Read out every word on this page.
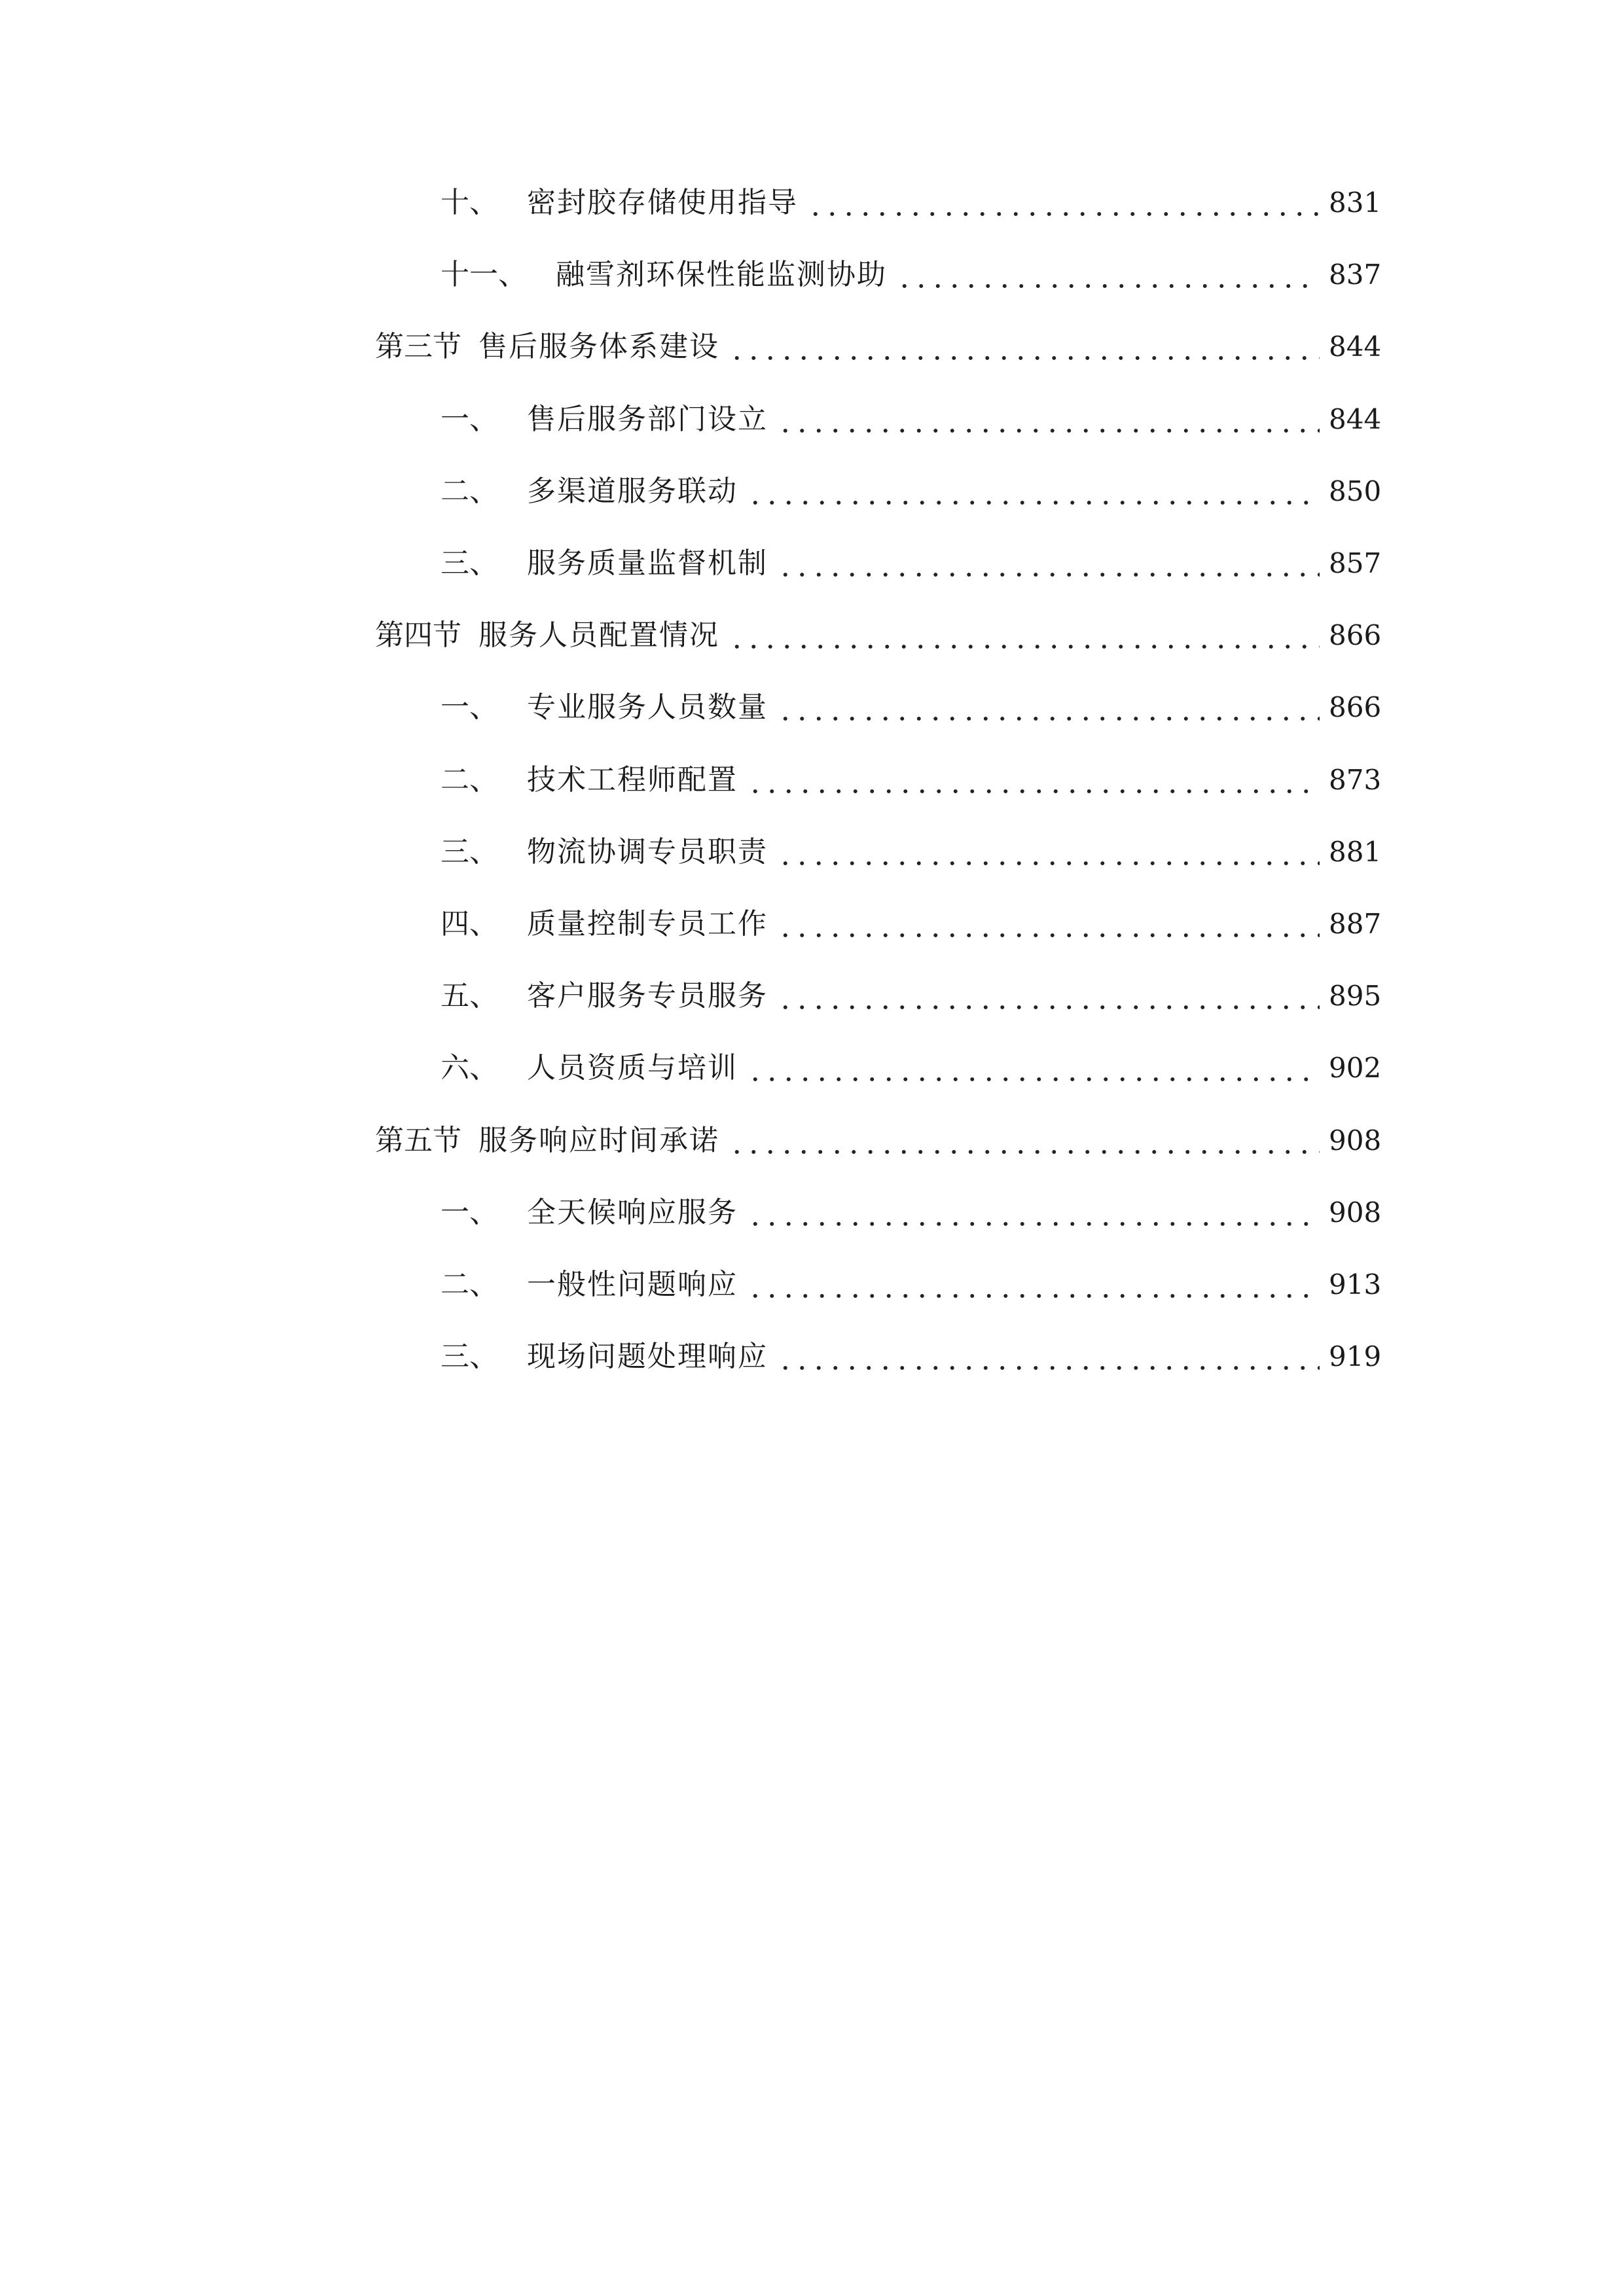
十、 密封胶存储使用指导	831
十一、 融雪剂环保性能监测协助	837
第三节 售后服务体系建设	844
一、 售后服务部门设立	844
二、 多渠道服务联动	850
三、 服务质量监督机制	857
第四节 服务人员配置情况	866
一、 专业服务人员数量	866
二、 技术工程师配置	873
三、 物流协调专员职责	881
四、 质量控制专员工作	887
五、 客户服务专员服务	895
六、 人员资质与培训	902
第五节 服务响应时间承诺	908
一、 全天候响应服务	908
二、 一般性问题响应	913
三、 现场问题处理响应	919
